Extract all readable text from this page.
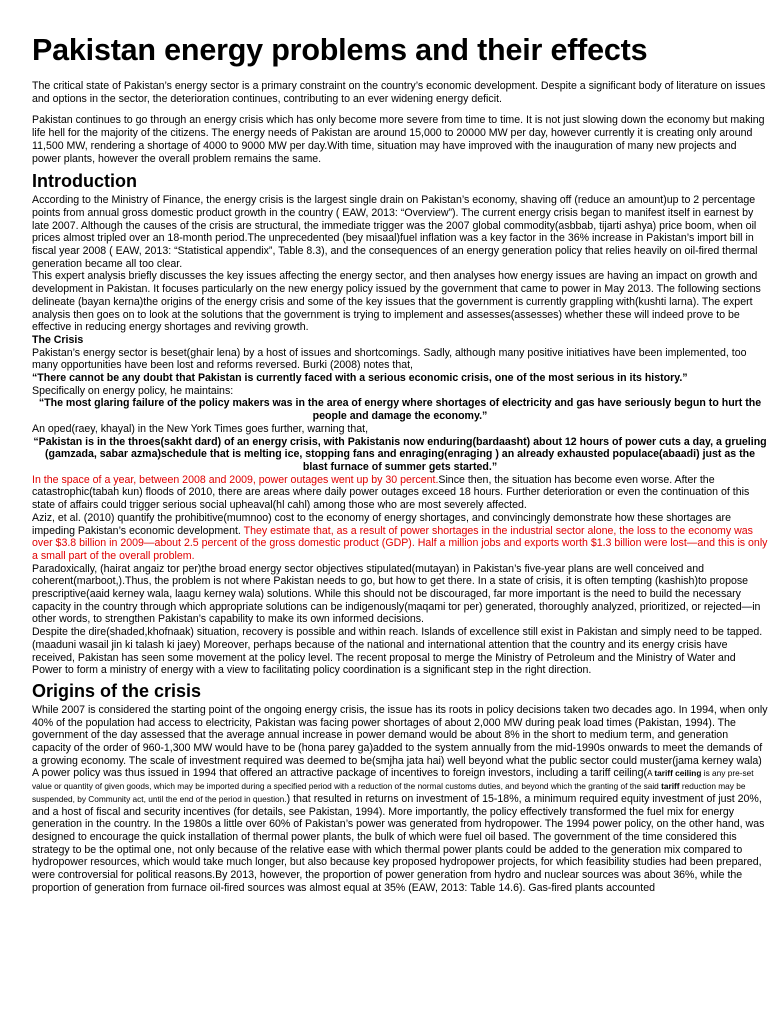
Pakistan energy problems and their effects

The critical state of Pakistan’s energy sector is a primary constraint on the country’s economic development. Despite a significant body of literature on issues and options in the sector, the deterioration continues, contributing to an ever widening energy deficit.

Pakistan continues to go through an energy crisis which has only become more severe from time to time. It is not just slowing down the economy but making life hell for the majority of the citizens. The energy needs of Pakistan are around 15,000 to 20000 MW per day, however currently it is creating only around 11,500 MW, rendering a shortage of 4000 to 9000 MW per day.With time, situation may have improved with the inauguration of many new projects and power plants, however the overall problem remains the same.

Introduction

According to the Ministry of Finance, the energy crisis is the largest single drain on Pakistan’s economy, shaving off (reduce an amount)up to 2 percentage points from annual gross domestic product growth in the country ( EAW, 2013: “Overview”). The current energy crisis began to manifest itself in earnest by late 2007. Although the causes of the crisis are structural, the immediate trigger was the 2007 global commodity(asbbab, tijarti ashya) price boom, when oil prices almost tripled over an 18-month period.The unprecedented (bey misaal)fuel inflation was a key factor in the 36% increase in Pakistan’s import bill in fiscal year 2008 ( EAW, 2013: “Statistical appendix”, Table 8.3), and the consequences of an energy generation policy that relies heavily on oil-fired thermal generation became all too clear.

This expert analysis briefly discusses the key issues affecting the energy sector, and then analyses how energy issues are having an impact on growth and development in Pakistan. It focuses particularly on the new energy policy issued by the government that came to power in May 2013. The following sections delineate (bayan kerna)the origins of the energy crisis and some of the key issues that the government is currently grappling with(kushti larna). The expert analysis then goes on to look at the solutions that the government is trying to implement and assesses(assesses) whether these will indeed prove to be effective in reducing energy shortages and reviving growth.

The Crisis

Pakistan’s energy sector is beset(ghair lena) by a host of issues and shortcomings. Sadly, although many positive initiatives have been implemented, too many opportunities have been lost and reforms reversed. Burki (2008) notes that,

“There cannot be any doubt that Pakistan is currently faced with a serious economic crisis, one of the most serious in its history.”

Specifically on energy policy, he maintains:

“The most glaring failure of the policy makers was in the area of energy where shortages of electricity and gas have seriously begun to hurt the people and damage the economy.”

An oped(raey, khayal) in the New York Times goes further, warning that,

“Pakistan is in the throes(sakht dard) of an energy crisis, with Pakistanis now enduring(bardaasht) about 12 hours of power cuts a day, a grueling (gamzada, sabar azma)schedule that is melting ice, stopping fans and enraging(enraging ) an already exhausted populace(abaadi) just as the blast furnace of summer gets started.”

In the space of a year, between 2008 and 2009, power outages went up by 30 percent.Since then, the situation has become even worse. After the catastrophic(tabah kun) floods of 2010, there are areas where daily power outages exceed 18 hours. Further deterioration or even the continuation of this state of affairs could trigger serious social upheaval(hl cahl) among those who are most severely affected.

Aziz, et al. (2010) quantify the prohibitive(mumnoo) cost to the economy of energy shortages, and convincingly demonstrate how these shortages are impeding Pakistan’s economic development. They estimate that, as a result of power shortages in the industrial sector alone, the loss to the economy was over $3.8 billion in 2009—about 2.5 percent of the gross domestic product (GDP). Half a million jobs and exports worth $1.3 billion were lost—and this is only a small part of the overall problem.

Paradoxically, (hairat angaiz tor per)the broad energy sector objectives stipulated(mutayan) in Pakistan’s five-year plans are well conceived and coherent(marboot,).Thus, the problem is not where Pakistan needs to go, but how to get there. In a state of crisis, it is often tempting (kashish)to propose prescriptive(aaid kerney wala, laagu kerney wala) solutions. While this should not be discouraged, far more important is the need to build the necessary capacity in the country through which appropriate solutions can be indigenously(maqami tor per) generated, thoroughly analyzed, prioritized, or rejected—in other words, to strengthen Pakistan’s capability to make its own informed decisions.

Despite the dire(shaded,khofnaak) situation, recovery is possible and within reach. Islands of excellence still exist in Pakistan and simply need to be tapped.(maaduni wasail jin ki talash ki jaey) Moreover, perhaps because of the national and international attention that the country and its energy crisis have received, Pakistan has seen some movement at the policy level. The recent proposal to merge the Ministry of Petroleum and the Ministry of Water and Power to form a ministry of energy with a view to facilitating policy coordination is a significant step in the right direction.

Origins of the crisis

While 2007 is considered the starting point of the ongoing energy crisis, the issue has its roots in policy decisions taken two decades ago. In 1994, when only 40% of the population had access to electricity, Pakistan was facing power shortages of about 2,000 MW during peak load times (Pakistan, 1994). The government of the day assessed that the average annual increase in power demand would be about 8% in the short to medium term, and generation capacity of the order of 960-1,300 MW would have to be (hona parey ga)added to the system annually from the mid-1990s onwards to meet the demands of a growing economy. The scale of investment required was deemed to be(smjha jata hai) well beyond what the public sector could muster(jama kerney wala)

A power policy was thus issued in 1994 that offered an attractive package of incentives to foreign investors, including a tariff ceiling(A tariff ceiling is any pre-set value or quantity of given goods, which may be imported during a specified period with a reduction of the normal customs duties, and beyond which the granting of the said tariff reduction may be suspended, by Community act, until the end of the period in question.) that resulted in returns on investment of 15-18%, a minimum required equity investment of just 20%, and a host of fiscal and security incentives (for details, see Pakistan, 1994). More importantly, the policy effectively transformed the fuel mix for energy generation in the country. In the 1980s a little over 60% of Pakistan’s power was generated from hydropower. The 1994 power policy, on the other hand, was designed to encourage the quick installation of thermal power plants, the bulk of which were fuel oil based. The government of the time considered this strategy to be the optimal one, not only because of the relative ease with which thermal power plants could be added to the generation mix compared to hydropower resources, which would take much longer, but also because key proposed hydropower projects, for which feasibility studies had been prepared, were controversial for political reasons.By 2013, however, the proportion of power generation from hydro and nuclear sources was about 36%, while the proportion of generation from furnace oil-fired sources was almost equal at 35% (EAW, 2013: Table 14.6). Gas-fired plants accounted
